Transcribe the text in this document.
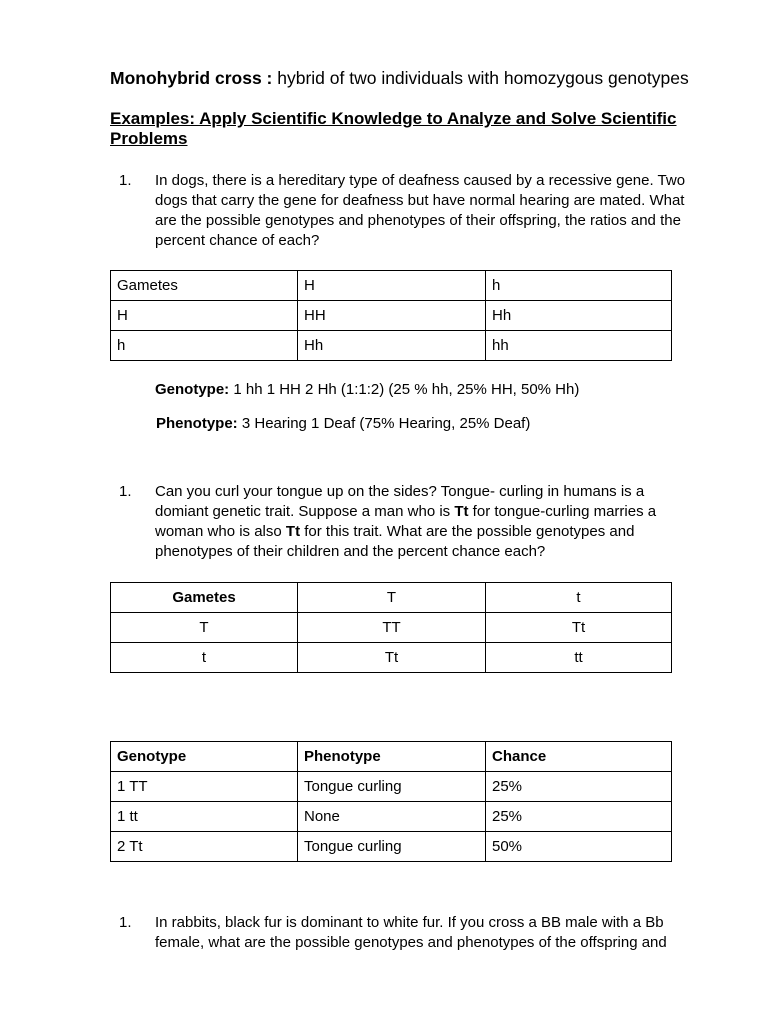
Monohybrid cross : hybrid of two individuals with homozygous genotypes
Examples: Apply Scientific Knowledge to Analyze and Solve Scientific Problems
1. In dogs, there is a hereditary type of deafness caused by a recessive gene. Two dogs that carry the gene for deafness but have normal hearing are mated. What are the possible genotypes and phenotypes of their offspring, the ratios and the percent chance of each?
Gametes	H	h
H	HH	Hh
h	Hh	hh
Genotype: 1 hh 1 HH 2 Hh (1:1:2) (25 % hh, 25% HH, 50% Hh)
Phenotype: 3 Hearing 1 Deaf (75% Hearing, 25% Deaf)
1. Can you curl your tongue up on the sides? Tongue- curling in humans is a domiant genetic trait. Suppose a man who is Tt for tongue-curling marries a woman who is also Tt for this trait. What are the possible genotypes and phenotypes of their children and the percent chance each?
Gametes	T	t
T	TT	Tt
t	Tt	tt
Genotype	Phenotype	Chance
1 TT	Tongue curling	25%
1 tt	None	25%
2 Tt	Tongue curling	50%
1. In rabbits, black fur is dominant to white fur. If you cross a BB male with a Bb female, what are the possible genotypes and phenotypes of the offspring and
